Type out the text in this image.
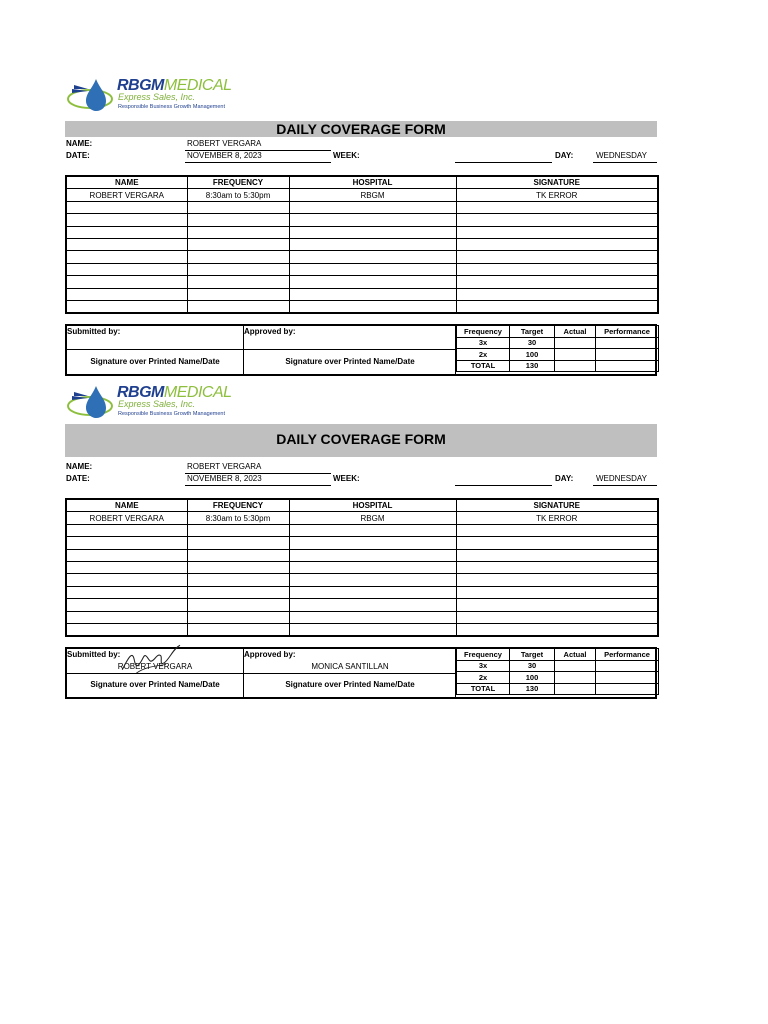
RBGMMEDICAL
Express Sales, Inc.
Responsible Business Growth Management
DAILY COVERAGE FORM
NAME:	ROBERT VERGARA
DATE:	NOVEMBER 8, 2023	WEEK:	DAY:	WEDNESDAY
NAME	FREQUENCY	HOSPITAL	SIGNATURE
ROBERT VERGARA	8:30am to 5:30pm	RBGM	TK ERROR

Submitted by:
Signature over Printed Name/Date
Approved by:
Signature over Printed Name/Date
Frequency	Target	Actual	Performance
3x	30		
2x	100		
TOTAL	130		
RBGMMEDICAL
Express Sales, Inc.
Responsible Business Growth Management
DAILY COVERAGE FORM
NAME:	ROBERT VERGARA
DATE:	NOVEMBER 8, 2023	WEEK:	DAY:	WEDNESDAY
NAME	FREQUENCY	HOSPITAL	SIGNATURE
ROBERT VERGARA	8:30am to 5:30pm	RBGM	TK ERROR

Submitted by:
ROBERT VERGARA
Signature over Printed Name/Date
Approved by:
MONICA SANTILLAN
Signature over Printed Name/Date
Frequency	Target	Actual	Performance
3x	30		
2x	100		
TOTAL	130		
